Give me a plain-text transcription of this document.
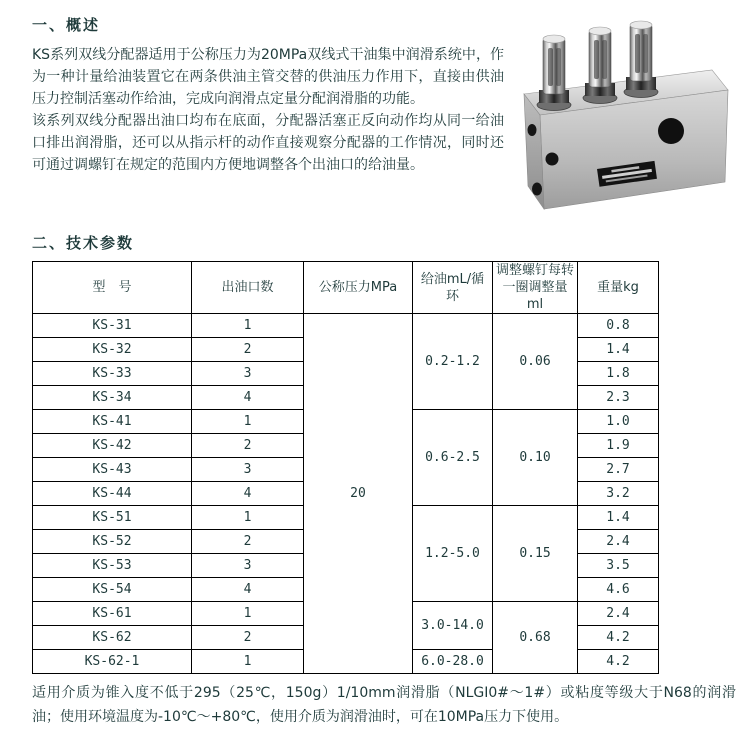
一、概述

KS系列双线分配器适用于公称压力为20MPa双线式干油集中润滑系统中，作为一种计量给油装置它在两条供油主管交替的供油压力作用下，直接由供油压力控制活塞动作给油，完成向润滑点定量分配润滑脂的功能。

该系列双线分配器出油口均布在底面，分配器活塞正反向动作均从同一给油口排出润滑脂，还可以从指示杆的动作直接观察分配器的工作情况，同时还可通过调螺钉在规定的范围内方便地调整各个出油口的给油量。

二、技术参数
型　号	出油口数	公称压力MPa	给油mL/循环	调整螺钉每转一圈调整量ml	重量kg
KS-31	1	20	0.2-1.2	0.06	0.8
KS-32	2				1.4
KS-33	3				1.8
KS-34	4				2.3
KS-41	1		0.6-2.5	0.10	1.0
KS-42	2				1.9
KS-43	3				2.7
KS-44	4				3.2
KS-51	1		1.2-5.0	0.15	1.4
KS-52	2				2.4
KS-53	3				3.5
KS-54	4				4.6
KS-61	1		3.0-14.0	0.68	2.4
KS-62	2				4.2
KS-62-1	1		6.0-28.0		4.2

适用介质为锥入度不低于295（25℃，150g）1/10mm润滑脂（NLGI0#～1#）或粘度等级大于N68的润滑油；使用环境温度为-10℃～+80℃，使用介质为润滑油时，可在10MPa压力下使用。
